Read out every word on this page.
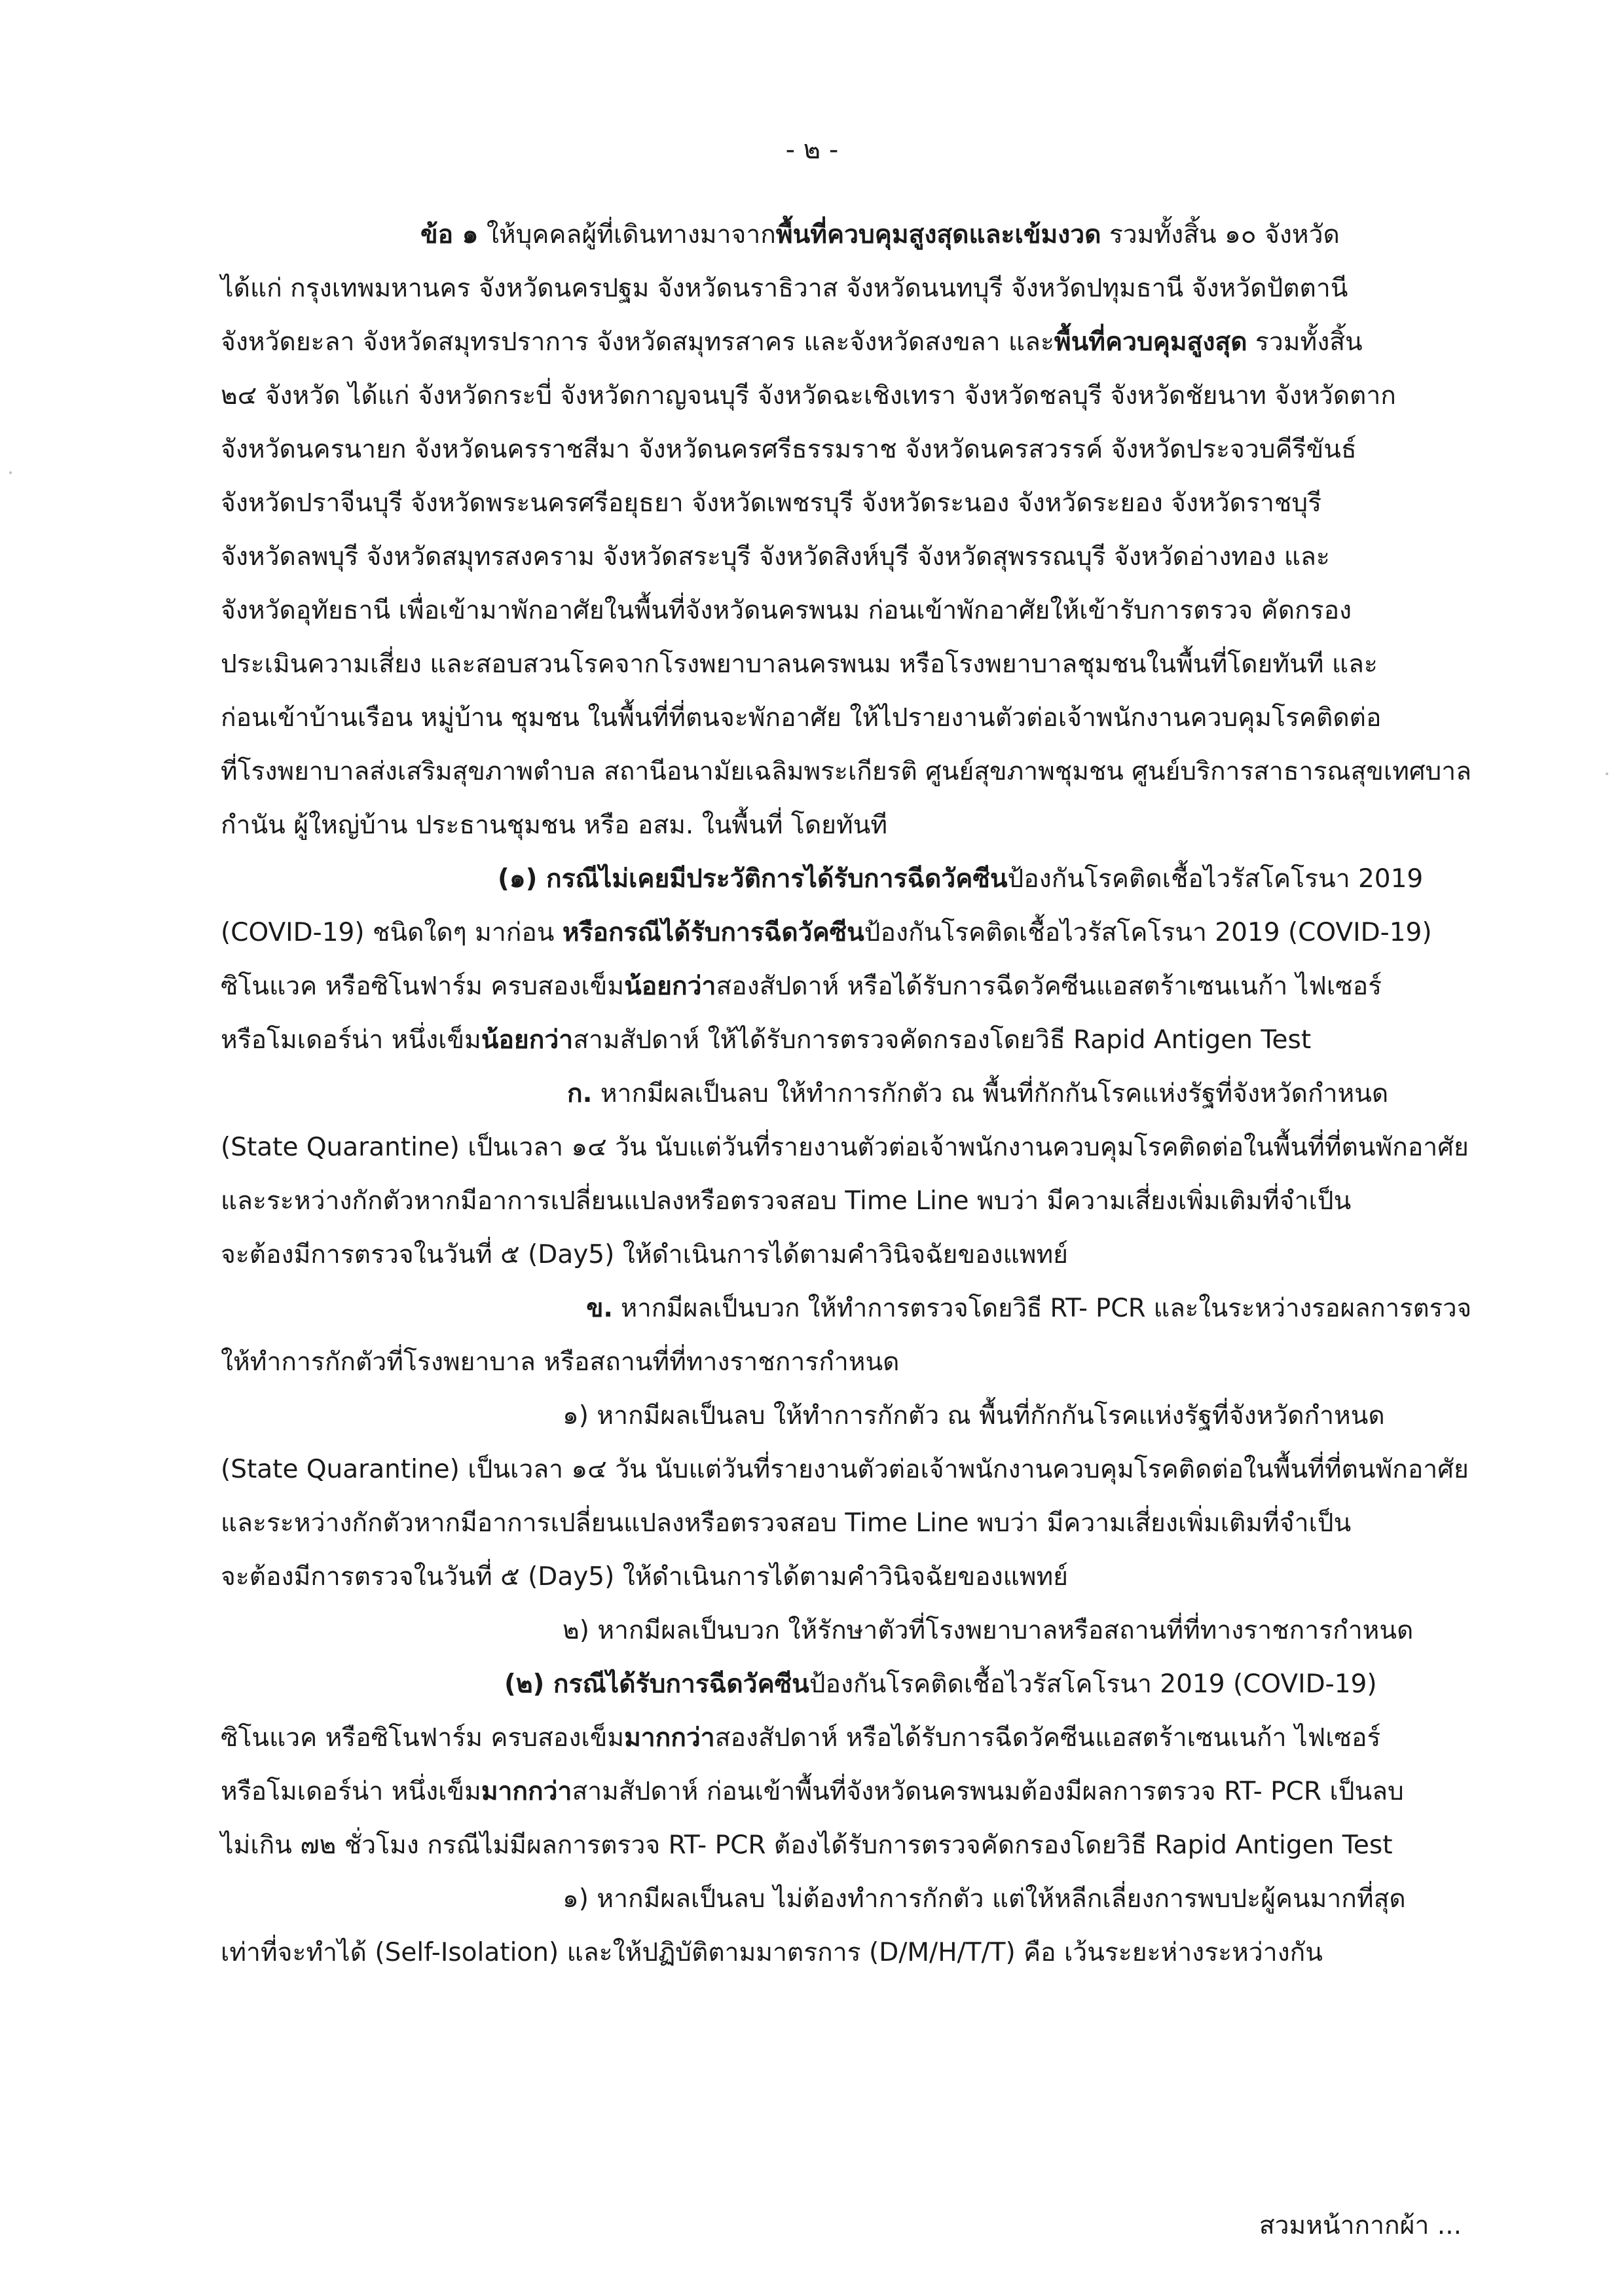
- ๒ -
ข้อ ๑ ให้บุคคลผู้ที่เดินทางมาจากพื้นที่ควบคุมสูงสุดและเข้มงวด รวมทั้งสิ้น ๑๐ จังหวัด
ได้แก่ กรุงเทพมหานคร จังหวัดนครปฐม จังหวัดนราธิวาส จังหวัดนนทบุรี จังหวัดปทุมธานี จังหวัดปัตตานี
จังหวัดยะลา จังหวัดสมุทรปราการ จังหวัดสมุทรสาคร และจังหวัดสงขลา และพื้นที่ควบคุมสูงสุด รวมทั้งสิ้น
๒๔ จังหวัด ได้แก่ จังหวัดกระบี่ จังหวัดกาญจนบุรี จังหวัดฉะเชิงเทรา จังหวัดชลบุรี จังหวัดชัยนาท จังหวัดตาก
จังหวัดนครนายก จังหวัดนครราชสีมา จังหวัดนครศรีธรรมราช จังหวัดนครสวรรค์ จังหวัดประจวบคีรีขันธ์
จังหวัดปราจีนบุรี จังหวัดพระนครศรีอยุธยา จังหวัดเพชรบุรี จังหวัดระนอง จังหวัดระยอง จังหวัดราชบุรี
จังหวัดลพบุรี จังหวัดสมุทรสงคราม จังหวัดสระบุรี จังหวัดสิงห์บุรี จังหวัดสุพรรณบุรี จังหวัดอ่างทอง และ
จังหวัดอุทัยธานี เพื่อเข้ามาพักอาศัยในพื้นที่จังหวัดนครพนม ก่อนเข้าพักอาศัยให้เข้ารับการตรวจ คัดกรอง
ประเมินความเสี่ยง และสอบสวนโรคจากโรงพยาบาลนครพนม หรือโรงพยาบาลชุมชนในพื้นที่โดยทันที และ
ก่อนเข้าบ้านเรือน หมู่บ้าน ชุมชน ในพื้นที่ที่ตนจะพักอาศัย ให้ไปรายงานตัวต่อเจ้าพนักงานควบคุมโรคติดต่อ
ที่โรงพยาบาลส่งเสริมสุขภาพตำบล สถานีอนามัยเฉลิมพระเกียรติ ศูนย์สุขภาพชุมชน ศูนย์บริการสาธารณสุขเทศบาล
กำนัน ผู้ใหญ่บ้าน ประธานชุมชน หรือ อสม. ในพื้นที่ โดยทันที
(๑) กรณีไม่เคยมีประวัติการได้รับการฉีดวัคซีนป้องกันโรคติดเชื้อไวรัสโคโรนา 2019
(COVID-19) ชนิดใดๆ มาก่อน หรือกรณีได้รับการฉีดวัคซีนป้องกันโรคติดเชื้อไวรัสโคโรนา 2019 (COVID-19)
ซิโนแวค หรือซิโนฟาร์ม ครบสองเข็มน้อยกว่าสองสัปดาห์ หรือได้รับการฉีดวัคซีนแอสตร้าเซนเนก้า ไฟเซอร์
หรือโมเดอร์น่า หนึ่งเข็มน้อยกว่าสามสัปดาห์ ให้ได้รับการตรวจคัดกรองโดยวิธี Rapid Antigen Test
ก. หากมีผลเป็นลบ ให้ทำการกักตัว ณ พื้นที่กักกันโรคแห่งรัฐที่จังหวัดกำหนด
(State Quarantine) เป็นเวลา ๑๔ วัน นับแต่วันที่รายงานตัวต่อเจ้าพนักงานควบคุมโรคติดต่อในพื้นที่ที่ตนพักอาศัย
และระหว่างกักตัวหากมีอาการเปลี่ยนแปลงหรือตรวจสอบ Time Line พบว่า มีความเสี่ยงเพิ่มเติมที่จำเป็น
จะต้องมีการตรวจในวันที่ ๕ (Day5) ให้ดำเนินการได้ตามคำวินิจฉัยของแพทย์
ข. หากมีผลเป็นบวก ให้ทำการตรวจโดยวิธี RT- PCR และในระหว่างรอผลการตรวจ
ให้ทำการกักตัวที่โรงพยาบาล หรือสถานที่ที่ทางราชการกำหนด
๑) หากมีผลเป็นลบ ให้ทำการกักตัว ณ พื้นที่กักกันโรคแห่งรัฐที่จังหวัดกำหนด
(State Quarantine) เป็นเวลา ๑๔ วัน นับแต่วันที่รายงานตัวต่อเจ้าพนักงานควบคุมโรคติดต่อในพื้นที่ที่ตนพักอาศัย
และระหว่างกักตัวหากมีอาการเปลี่ยนแปลงหรือตรวจสอบ Time Line พบว่า มีความเสี่ยงเพิ่มเติมที่จำเป็น
จะต้องมีการตรวจในวันที่ ๕ (Day5) ให้ดำเนินการได้ตามคำวินิจฉัยของแพทย์
๒) หากมีผลเป็นบวก ให้รักษาตัวที่โรงพยาบาลหรือสถานที่ที่ทางราชการกำหนด
(๒) กรณีได้รับการฉีดวัคซีนป้องกันโรคติดเชื้อไวรัสโคโรนา 2019 (COVID-19)
ซิโนแวค หรือซิโนฟาร์ม ครบสองเข็มมากกว่าสองสัปดาห์ หรือได้รับการฉีดวัคซีนแอสตร้าเซนเนก้า ไฟเซอร์
หรือโมเดอร์น่า หนึ่งเข็มมากกว่าสามสัปดาห์ ก่อนเข้าพื้นที่จังหวัดนครพนมต้องมีผลการตรวจ RT- PCR เป็นลบ
ไม่เกิน ๗๒ ชั่วโมง กรณีไม่มีผลการตรวจ RT- PCR ต้องได้รับการตรวจคัดกรองโดยวิธี Rapid Antigen Test
๑) หากมีผลเป็นลบ ไม่ต้องทำการกักตัว แต่ให้หลีกเลี่ยงการพบปะผู้คนมากที่สุด
เท่าที่จะทำได้ (Self-Isolation) และให้ปฏิบัติตามมาตรการ (D/M/H/T/T) คือ เว้นระยะห่างระหว่างกัน
สวมหน้ากากผ้า ...
